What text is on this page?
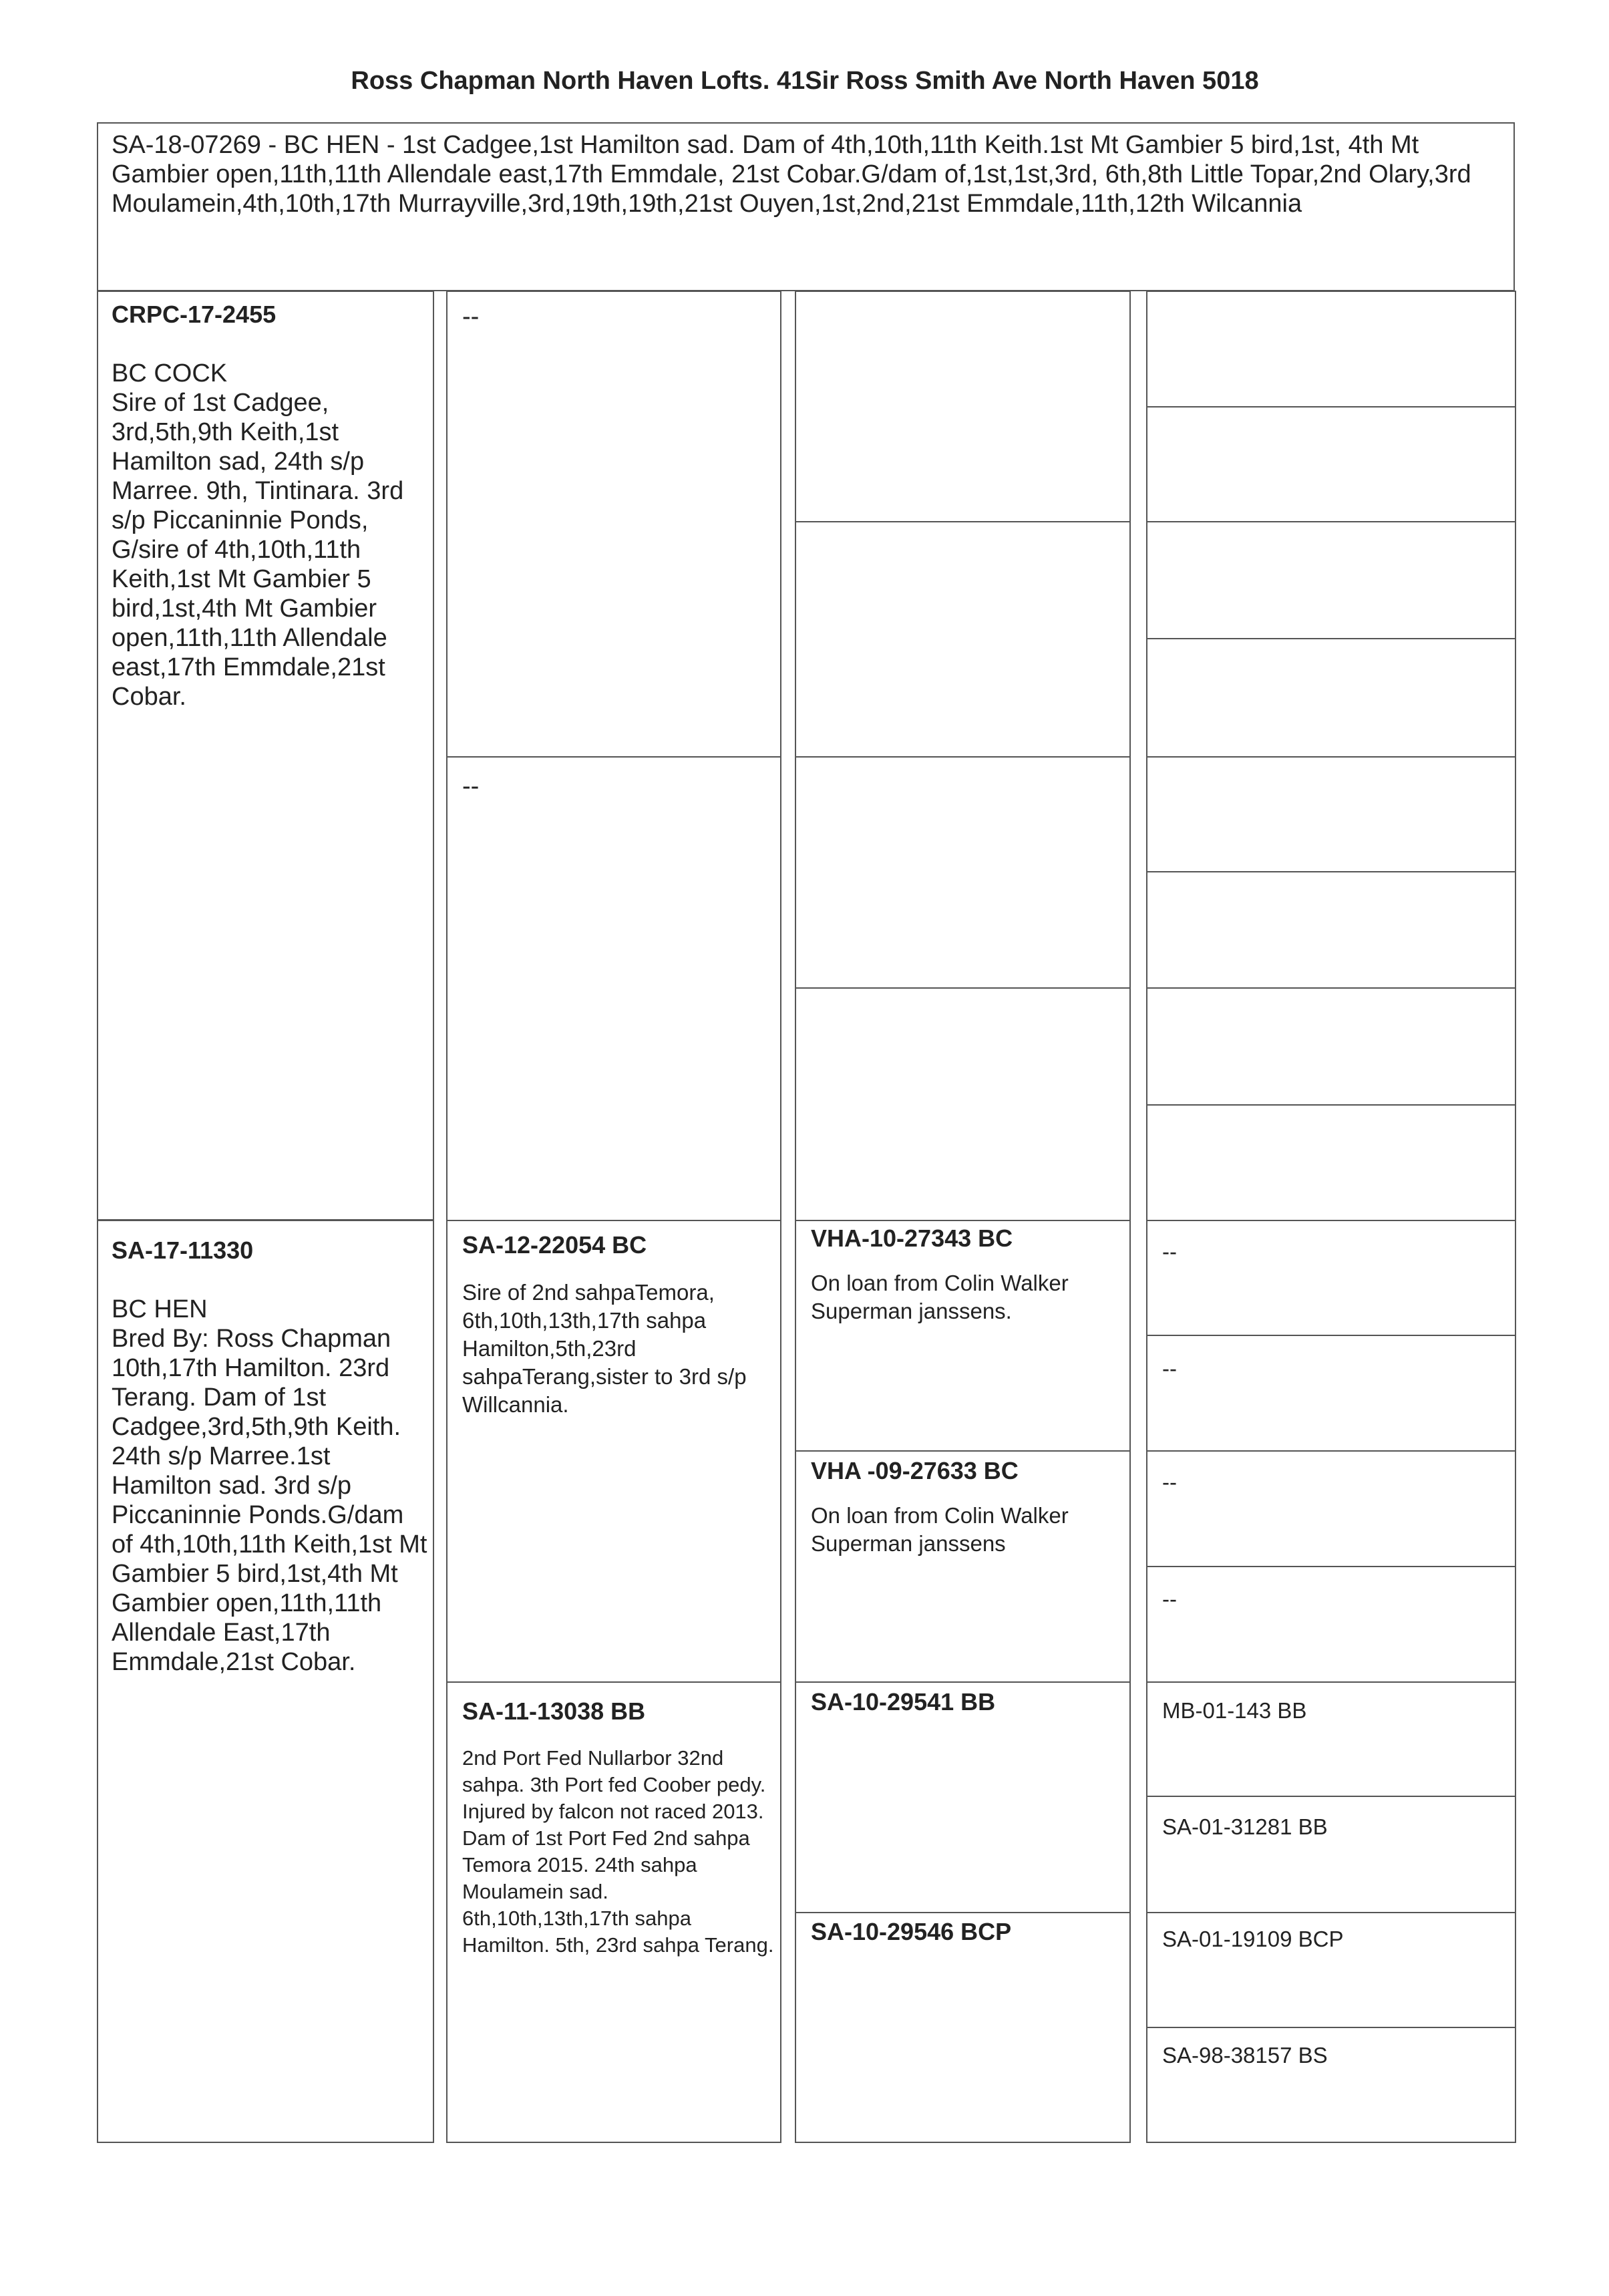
Ross Chapman North Haven Lofts. 41Sir Ross Smith Ave North Haven 5018
SA-18-07269 - BC HEN - 1st Cadgee,1st Hamilton sad. Dam of 4th,10th,11th Keith.1st Mt Gambier 5 bird,1st, 4th Mt Gambier open,11th,11th Allendale east,17th Emmdale, 21st Cobar.G/dam of,1st,1st,3rd, 6th,8th Little Topar,2nd Olary,3rd Moulamein,4th,10th,17th Murrayville,3rd,19th,19th,21st Ouyen,1st,2nd,21st Emmdale,11th,12th Wilcannia
CRPC-17-2455
BC COCK
Sire of 1st Cadgee, 3rd,5th,9th Keith,1st Hamilton sad, 24th s/p Marree. 9th, Tintinara. 3rd s/p Piccaninnie Ponds, G/sire of 4th,10th,11th Keith,1st Mt Gambier 5 bird,1st,4th Mt Gambier open,11th,11th Allendale east,17th Emmdale,21st Cobar.
SA-17-11330
BC HEN
Bred By: Ross Chapman
10th,17th Hamilton. 23rd Terang. Dam of 1st Cadgee,3rd,5th,9th Keith. 24th s/p Marree.1st Hamilton sad. 3rd s/p Piccaninnie Ponds.G/dam of 4th,10th,11th Keith,1st Mt Gambier 5 bird,1st,4th Mt Gambier open,11th,11th Allendale East,17th Emmdale,21st Cobar.
--
--
SA-12-22054 BC
Sire of 2nd sahpaTemora, 6th,10th,13th,17th sahpa Hamilton,5th,23rd sahpaTerang,sister to 3rd s/p Willcannia.
SA-11-13038 BB
2nd Port Fed Nullarbor 32nd sahpa. 3th Port fed Coober pedy. Injured by falcon not raced 2013. Dam of 1st Port Fed 2nd sahpa Temora 2015. 24th sahpa Moulamein sad. 6th,10th,13th,17th sahpa Hamilton. 5th, 23rd sahpa Terang.
VHA-10-27343 BC
On loan from Colin Walker Superman janssens.
VHA -09-27633 BC
On loan from Colin Walker Superman janssens
SA-10-29541 BB
SA-10-29546 BCP
--
--
--
--
MB-01-143 BB
SA-01-31281 BB
SA-01-19109 BCP
SA-98-38157 BS
